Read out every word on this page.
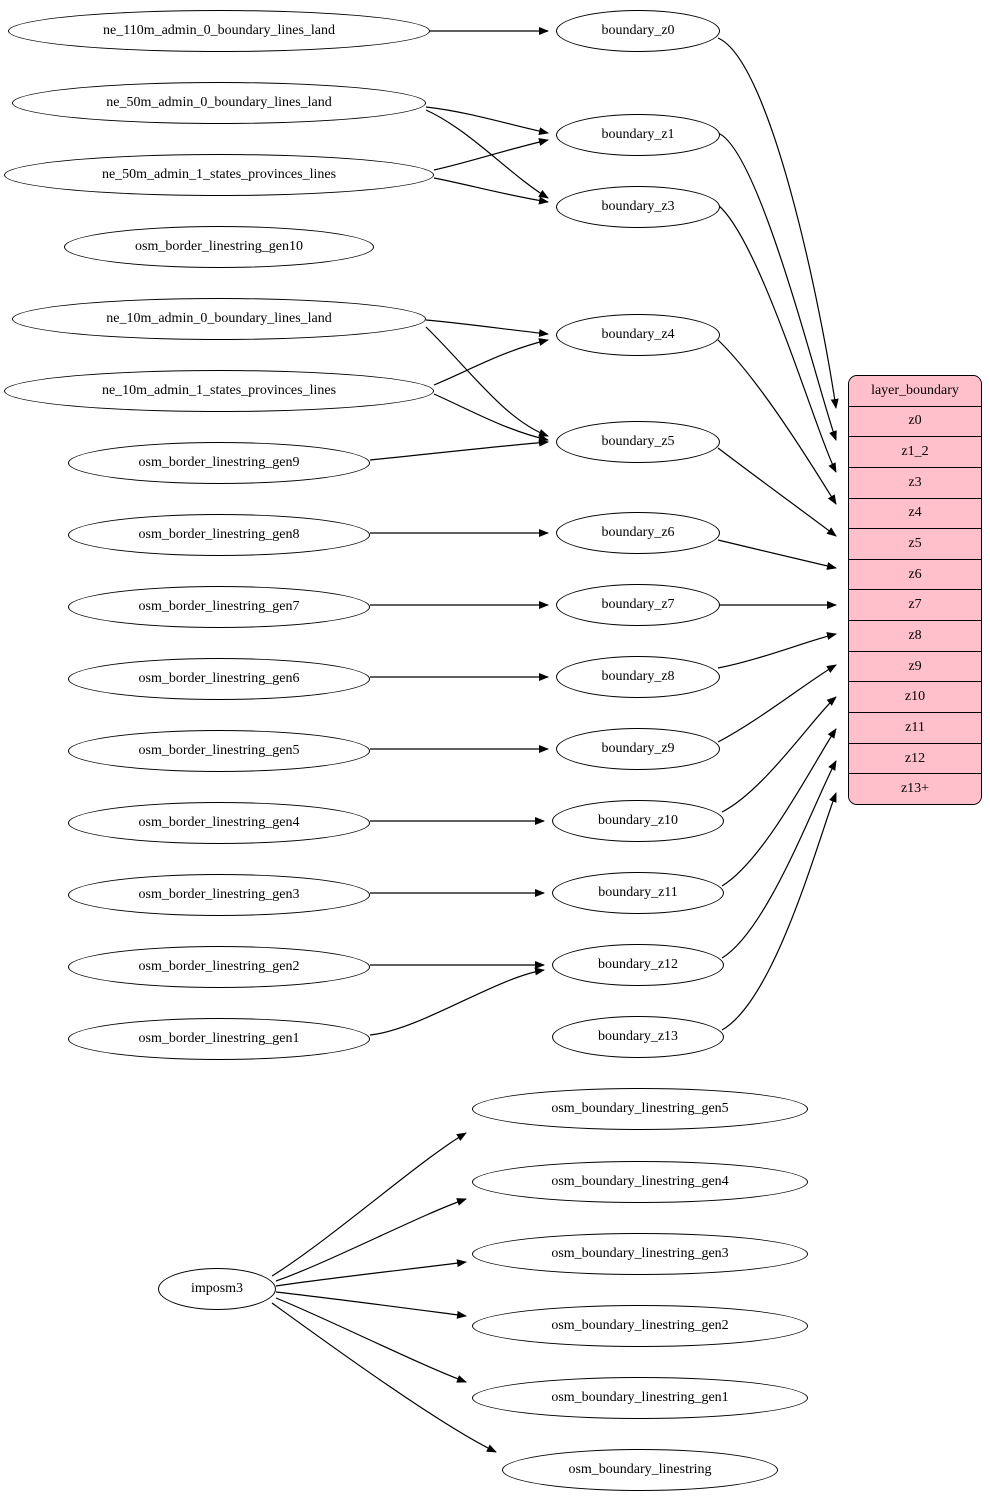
ne_110m_admin_0_boundary_lines_land
ne_50m_admin_0_boundary_lines_land
ne_50m_admin_1_states_provinces_lines
osm_border_linestring_gen10
ne_10m_admin_0_boundary_lines_land
ne_10m_admin_1_states_provinces_lines
osm_border_linestring_gen9
osm_border_linestring_gen8
osm_border_linestring_gen7
osm_border_linestring_gen6
osm_border_linestring_gen5
osm_border_linestring_gen4
osm_border_linestring_gen3
osm_border_linestring_gen2
osm_border_linestring_gen1
boundary_z0
boundary_z1
boundary_z3
boundary_z4
boundary_z5
boundary_z6
boundary_z7
boundary_z8
boundary_z9
boundary_z10
boundary_z11
boundary_z12
boundary_z13
layer_boundary
z0
z1_2
z3
z4
z5
z6
z7
z8
z9
z10
z11
z12
z13+
imposm3
osm_boundary_linestring_gen5
osm_boundary_linestring_gen4
osm_boundary_linestring_gen3
osm_boundary_linestring_gen2
osm_boundary_linestring_gen1
osm_boundary_linestring
